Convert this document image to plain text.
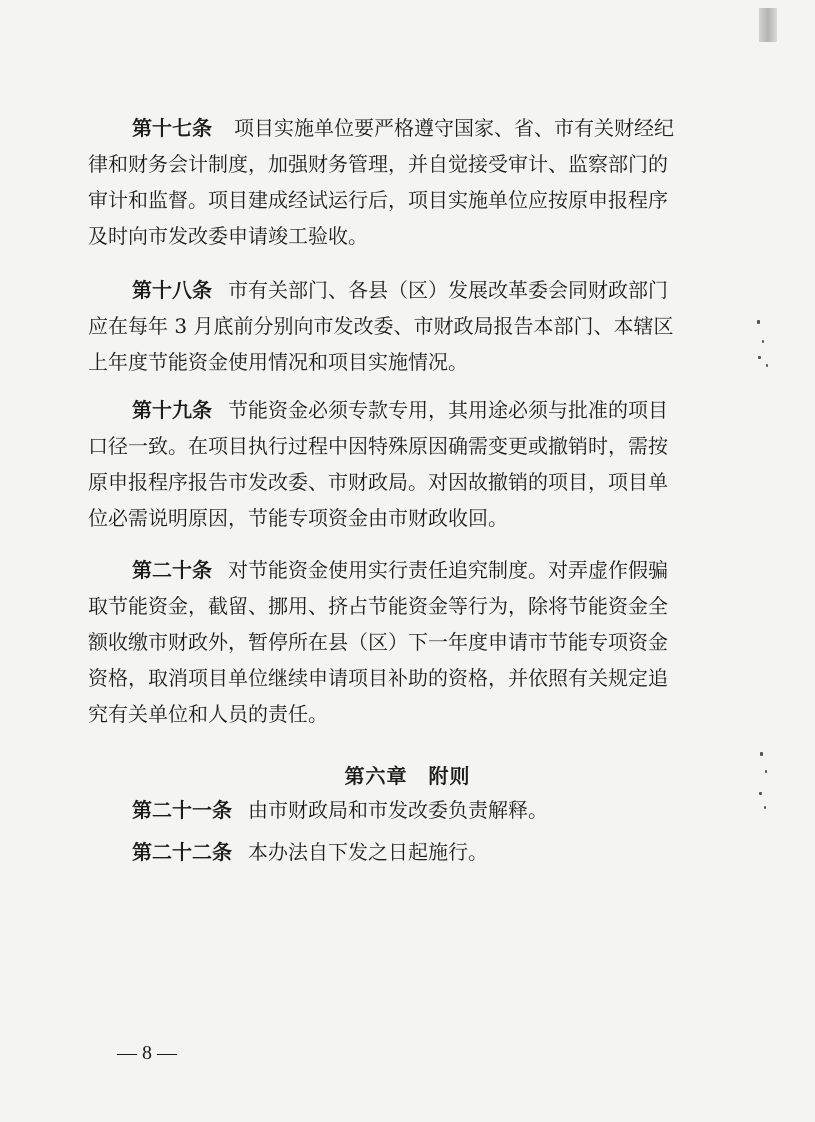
第十七条 项目实施单位要严格遵守国家、省、市有关财经纪
律和财务会计制度，加强财务管理，并自觉接受审计、监察部门的
审计和监督。项目建成经试运行后，项目实施单位应按原申报程序
及时向市发改委申请竣工验收。
第十八条 市有关部门、各县（区）发展改革委会同财政部门
应在每年 3 月底前分别向市发改委、市财政局报告本部门、本辖区
上年度节能资金使用情况和项目实施情况。
第十九条 节能资金必须专款专用，其用途必须与批准的项目
口径一致。在项目执行过程中因特殊原因确需变更或撤销时，需按
原申报程序报告市发改委、市财政局。对因故撤销的项目，项目单
位必需说明原因，节能专项资金由市财政收回。
第二十条 对节能资金使用实行责任追究制度。对弄虚作假骗
取节能资金，截留、挪用、挤占节能资金等行为，除将节能资金全
额收缴市财政外，暂停所在县（区）下一年度申请市节能专项资金
资格，取消项目单位继续申请项目补助的资格，并依照有关规定追
究有关单位和人员的责任。
第六章　附则
第二十一条 由市财政局和市发改委负责解释。
第二十二条 本办法自下发之日起施行。
— 8 —
